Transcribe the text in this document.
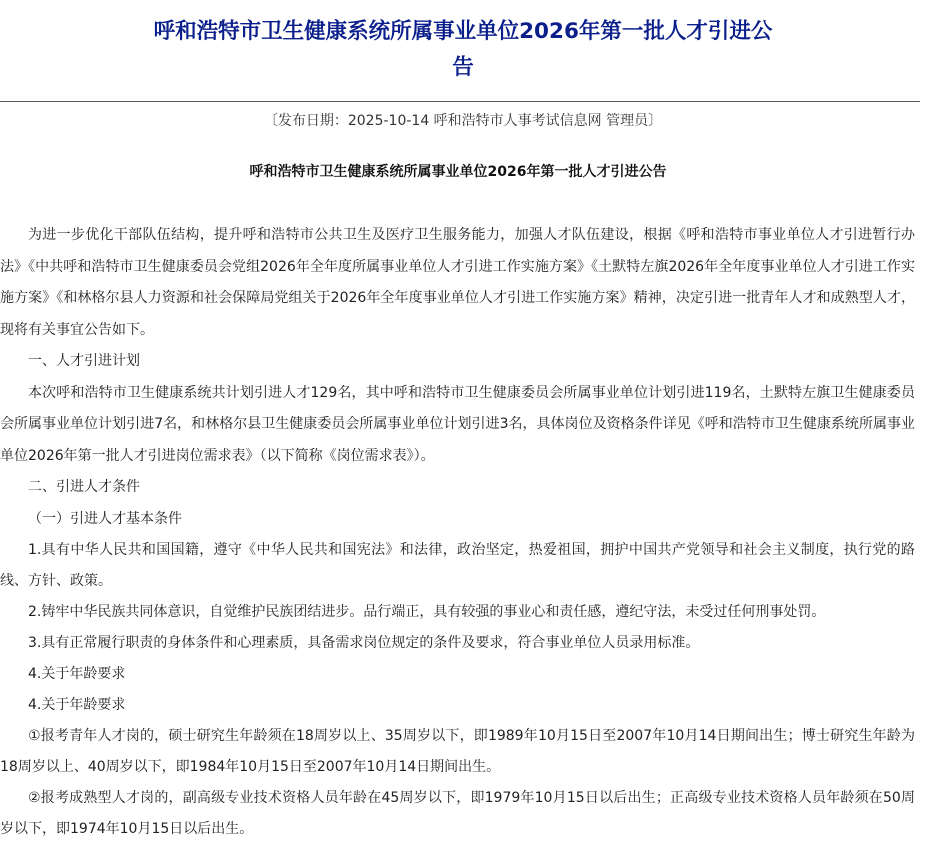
呼和浩特市卫生健康系统所属事业单位2026年第一批人才引进公
告
〔发布日期：2025-10-14 呼和浩特市人事考试信息网 管理员〕
呼和浩特市卫生健康系统所属事业单位2026年第一批人才引进公告

为进一步优化干部队伍结构，提升呼和浩特市公共卫生及医疗卫生服务能力，加强人才队伍建设，根据《呼和浩特市事业单位人才引进暂行办法》《中共呼和浩特市卫生健康委员会党组2026年全年度所属事业单位人才引进工作实施方案》《土默特左旗2026年全年度事业单位人才引进工作实施方案》《和林格尔县人力资源和社会保障局党组关于2026年全年度事业单位人才引进工作实施方案》精神，决定引进一批青年人才和成熟型人才，现将有关事宜公告如下。

一、人才引进计划

本次呼和浩特市卫生健康系统共计划引进人才129名，其中呼和浩特市卫生健康委员会所属事业单位计划引进119名，土默特左旗卫生健康委员会所属事业单位计划引进7名，和林格尔县卫生健康委员会所属事业单位计划引进3名，具体岗位及资格条件详见《呼和浩特市卫生健康系统所属事业单位2026年第一批人才引进岗位需求表》（以下简称《岗位需求表》）。

二、引进人才条件

（一）引进人才基本条件

1.具有中华人民共和国国籍，遵守《中华人民共和国宪法》和法律，政治坚定，热爱祖国，拥护中国共产党领导和社会主义制度，执行党的路线、方针、政策。

2.铸牢中华民族共同体意识，自觉维护民族团结进步。品行端正，具有较强的事业心和责任感，遵纪守法，未受过任何刑事处罚。

3.具有正常履行职责的身体条件和心理素质，具备需求岗位规定的条件及要求，符合事业单位人员录用标准。

4.关于年龄要求

4.关于年龄要求

①报考青年人才岗的，硕士研究生年龄须在18周岁以上、35周岁以下，即1989年10月15日至2007年10月14日期间出生；博士研究生年龄为18周岁以上、40周岁以下，即1984年10月15日至2007年10月14日期间出生。

②报考成熟型人才岗的，副高级专业技术资格人员年龄在45周岁以下，即1979年10月15日以后出生；正高级专业技术资格人员年龄须在50周岁以下，即1974年10月15日以后出生。
